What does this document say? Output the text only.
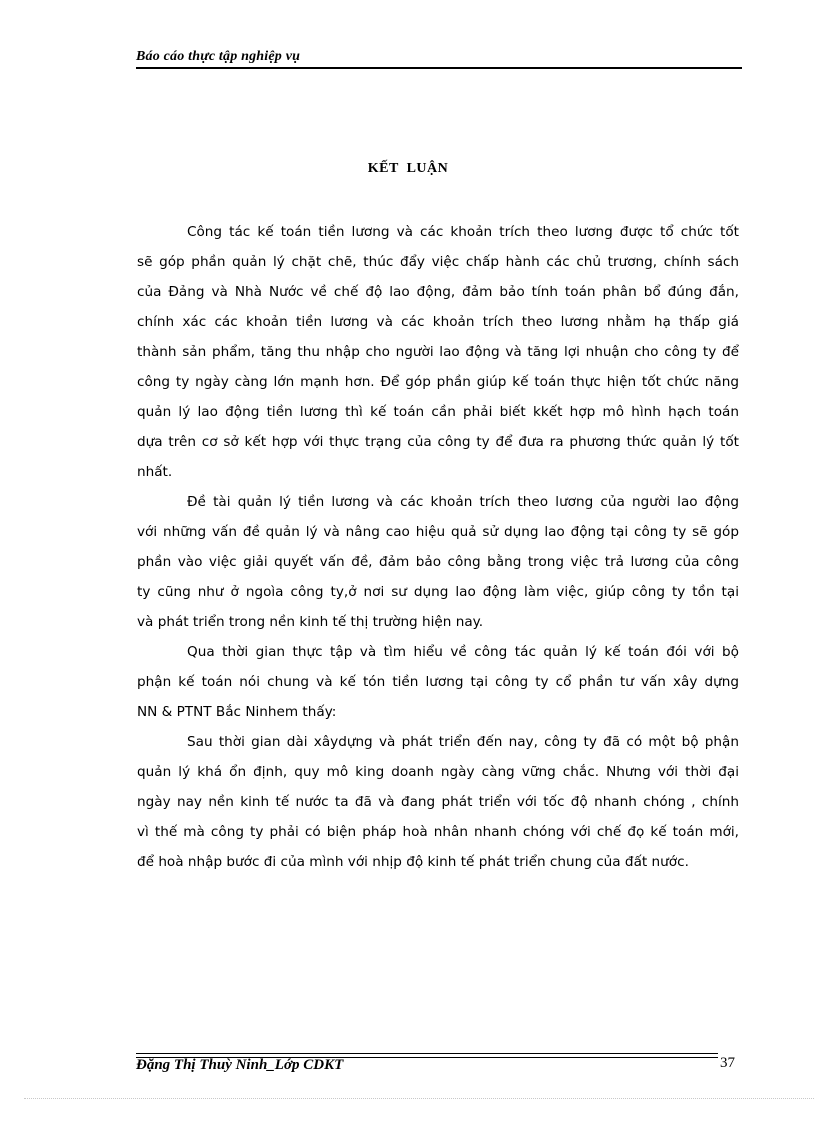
Báo cáo thực tập nghiệp vụ
KẾT LUẬN
Công tác kế toán tiền lương và các khoản trích theo lương được tổ chức tốt
sẽ góp phần quản lý chặt chẽ, thúc đẩy việc chấp hành các chủ trương, chính sách
của Đảng và Nhà Nước về chế độ lao động, đảm bảo tính toán phân bổ đúng đắn,
chính xác các khoản tiền lương và các khoản trích theo lương nhằm hạ thấp giá
thành sản phẩm, tăng thu nhập cho người lao động và tăng lợi nhuận cho công ty để
công ty ngày càng lớn mạnh hơn. Để góp phần giúp kế toán thực hiện tốt chức năng
quản lý lao động tiền lương thì kế toán cần phải biết kkết hợp mô hình hạch toán
dựa trên cơ sở kết hợp với thực trạng của công ty để đưa ra phương thức quản lý tốt
nhất.
Đề tài quản lý tiền lương và các khoản trích theo lương của người lao động
với những vấn đề quản lý và nâng cao hiệu quả sử dụng lao động tại công ty sẽ góp
phần vào việc giải quyết vấn đề, đảm bảo công bằng trong việc trả lương của công
ty cũng như ở ngoìa công ty,ở nơi sư dụng lao động làm việc, giúp công ty tồn tại
và phát triển trong nền kinh tế thị trường hiện nay.
Qua thời gian thực tập và tìm hiểu về công tác quản lý kế toán đói với bộ
phận kế toán nói chung và kế tón tiền lương tại công ty cổ phần tư vấn xây dựng
NN & PTNT Bắc Ninhem thấy:
Sau thời gian dài xâydựng và phát triển đến nay, công ty đã có một bộ phận
quản lý khá ổn định, quy mô king doanh ngày càng vững chắc. Nhưng với thời đại
ngày nay nền kinh tế nước ta đã và đang phát triển với tốc độ nhanh chóng , chính
vì thế mà công ty phải có biện pháp hoà nhân nhanh chóng với chế đọ kế toán mới,
để hoà nhập bước đi của mình với nhịp độ kinh tế phát triển chung của đất nước.
Đặng Thị Thuỳ Ninh_Lớp CDKT	37
